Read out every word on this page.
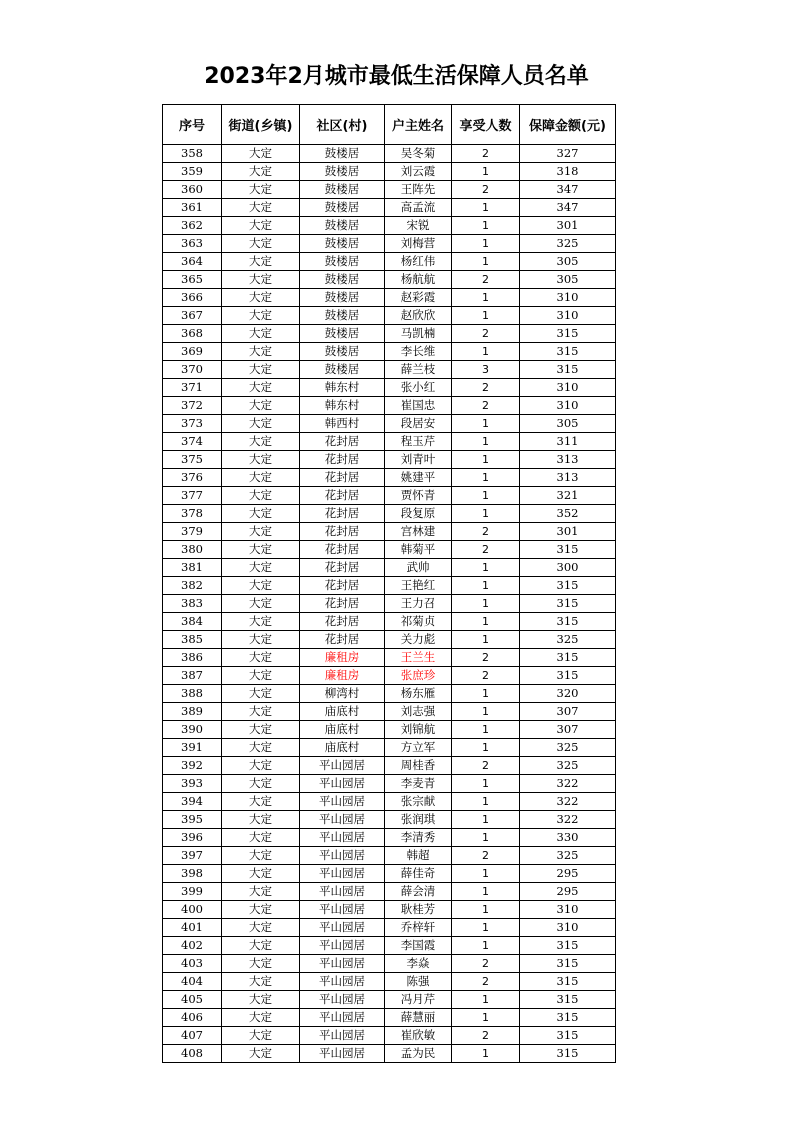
2023年2月城市最低生活保障人员名单
序号	街道(乡镇)	社区(村)	户主姓名	享受人数	保障金额(元)
358	大定	鼓楼居	吴冬菊	2	327
359	大定	鼓楼居	刘云霞	1	318
360	大定	鼓楼居	王阵先	2	347
361	大定	鼓楼居	高孟流	1	347
362	大定	鼓楼居	宋锐	1	301
363	大定	鼓楼居	刘梅营	1	325
364	大定	鼓楼居	杨红伟	1	305
365	大定	鼓楼居	杨航航	2	305
366	大定	鼓楼居	赵彩霞	1	310
367	大定	鼓楼居	赵欣欣	1	310
368	大定	鼓楼居	马凯楠	2	315
369	大定	鼓楼居	李长维	1	315
370	大定	鼓楼居	薛兰枝	3	315
371	大定	韩东村	张小红	2	310
372	大定	韩东村	崔国忠	2	310
373	大定	韩西村	段居安	1	305
374	大定	花封居	程玉芹	1	311
375	大定	花封居	刘青叶	1	313
376	大定	花封居	姚建平	1	313
377	大定	花封居	贾怀青	1	321
378	大定	花封居	段复原	1	352
379	大定	花封居	宫林建	2	301
380	大定	花封居	韩菊平	2	315
381	大定	花封居	武帅	1	300
382	大定	花封居	王艳红	1	315
383	大定	花封居	王力召	1	315
384	大定	花封居	祁菊贞	1	315
385	大定	花封居	关力彪	1	325
386	大定	廉租房	王兰生	2	315
387	大定	廉租房	张庶珍	2	315
388	大定	柳湾村	杨东雁	1	320
389	大定	庙底村	刘志强	1	307
390	大定	庙底村	刘锦航	1	307
391	大定	庙底村	方立军	1	325
392	大定	平山园居	周桂香	2	325
393	大定	平山园居	李麦青	1	322
394	大定	平山园居	张宗献	1	322
395	大定	平山园居	张润琪	1	322
396	大定	平山园居	李清秀	1	330
397	大定	平山园居	韩超	2	325
398	大定	平山园居	薛佳奇	1	295
399	大定	平山园居	薛会清	1	295
400	大定	平山园居	耿桂芳	1	310
401	大定	平山园居	乔梓轩	1	310
402	大定	平山园居	李国霞	1	315
403	大定	平山园居	李焱	2	315
404	大定	平山园居	陈强	2	315
405	大定	平山园居	冯月芹	1	315
406	大定	平山园居	薛慧丽	1	315
407	大定	平山园居	崔欣敏	2	315
408	大定	平山园居	孟为民	1	315
